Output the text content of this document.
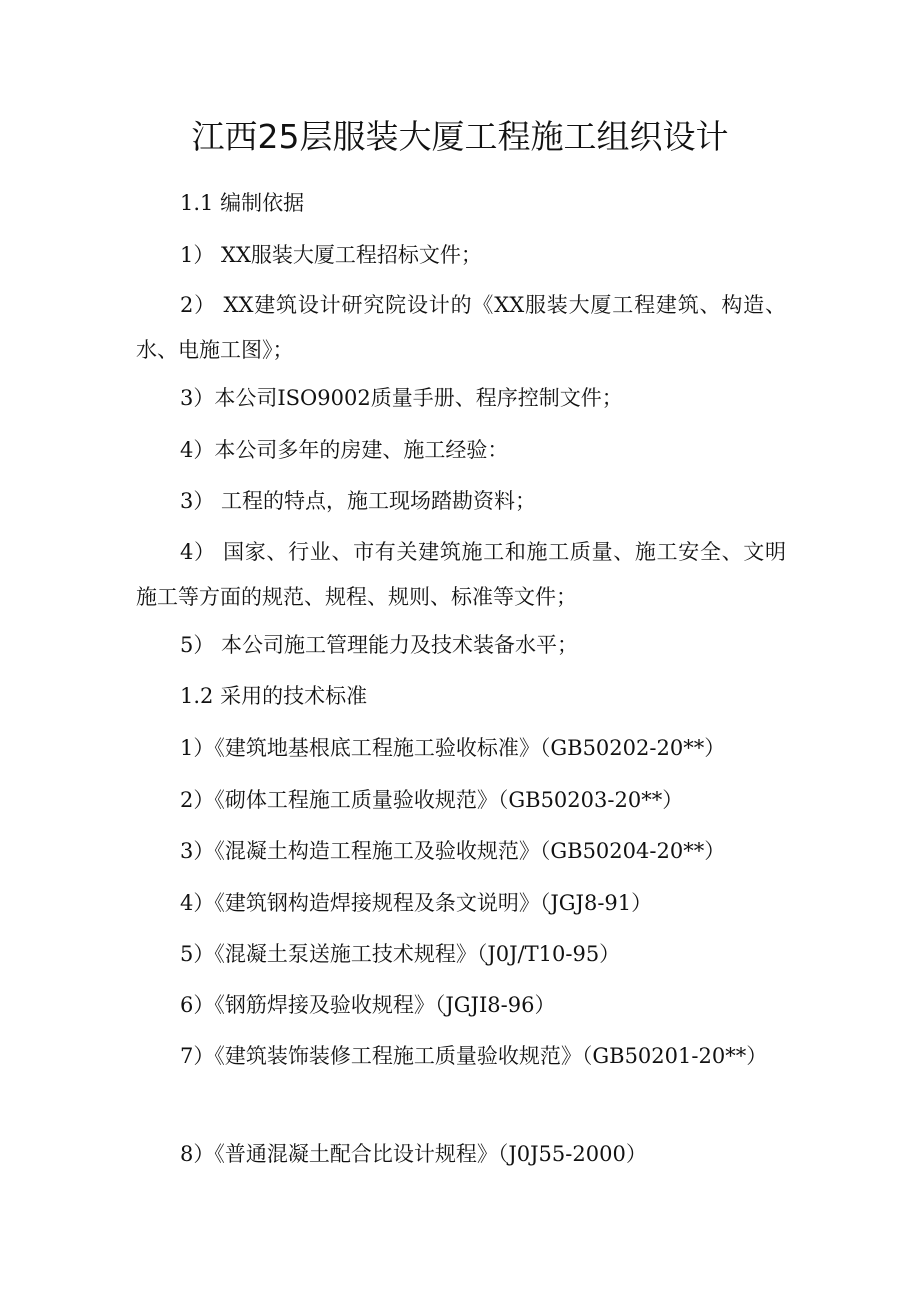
江西25层服装大厦工程施工组织设计
1.1 编制依据
1） XX服装大厦工程招标文件；
2） XX建筑设计研究院设计的《XX服装大厦工程建筑、构造、水、电施工图》；
3）本公司ISO9002质量手册、程序控制文件；
4）本公司多年的房建、施工经验：
3） 工程的特点，施工现场踏勘资料；
4） 国家、行业、市有关建筑施工和施工质量、施工安全、文明施工等方面的规范、规程、规则、标准等文件；
5） 本公司施工管理能力及技术装备水平；
1.2 采用的技术标准
1）《建筑地基根底工程施工验收标准》（GB50202-20**）
2）《砌体工程施工质量验收规范》（GB50203-20**）
3）《混凝土构造工程施工及验收规范》（GB50204-20**）
4）《建筑钢构造焊接规程及条文说明》（JGJ8-91）
5）《混凝土泵送施工技术规程》（J0J/T10-95）
6）《钢筋焊接及验收规程》（JGJI8-96）
7）《建筑装饰装修工程施工质量验收规范》（GB50201-20**）
8）《普通混凝土配合比设计规程》（J0J55-2000）
